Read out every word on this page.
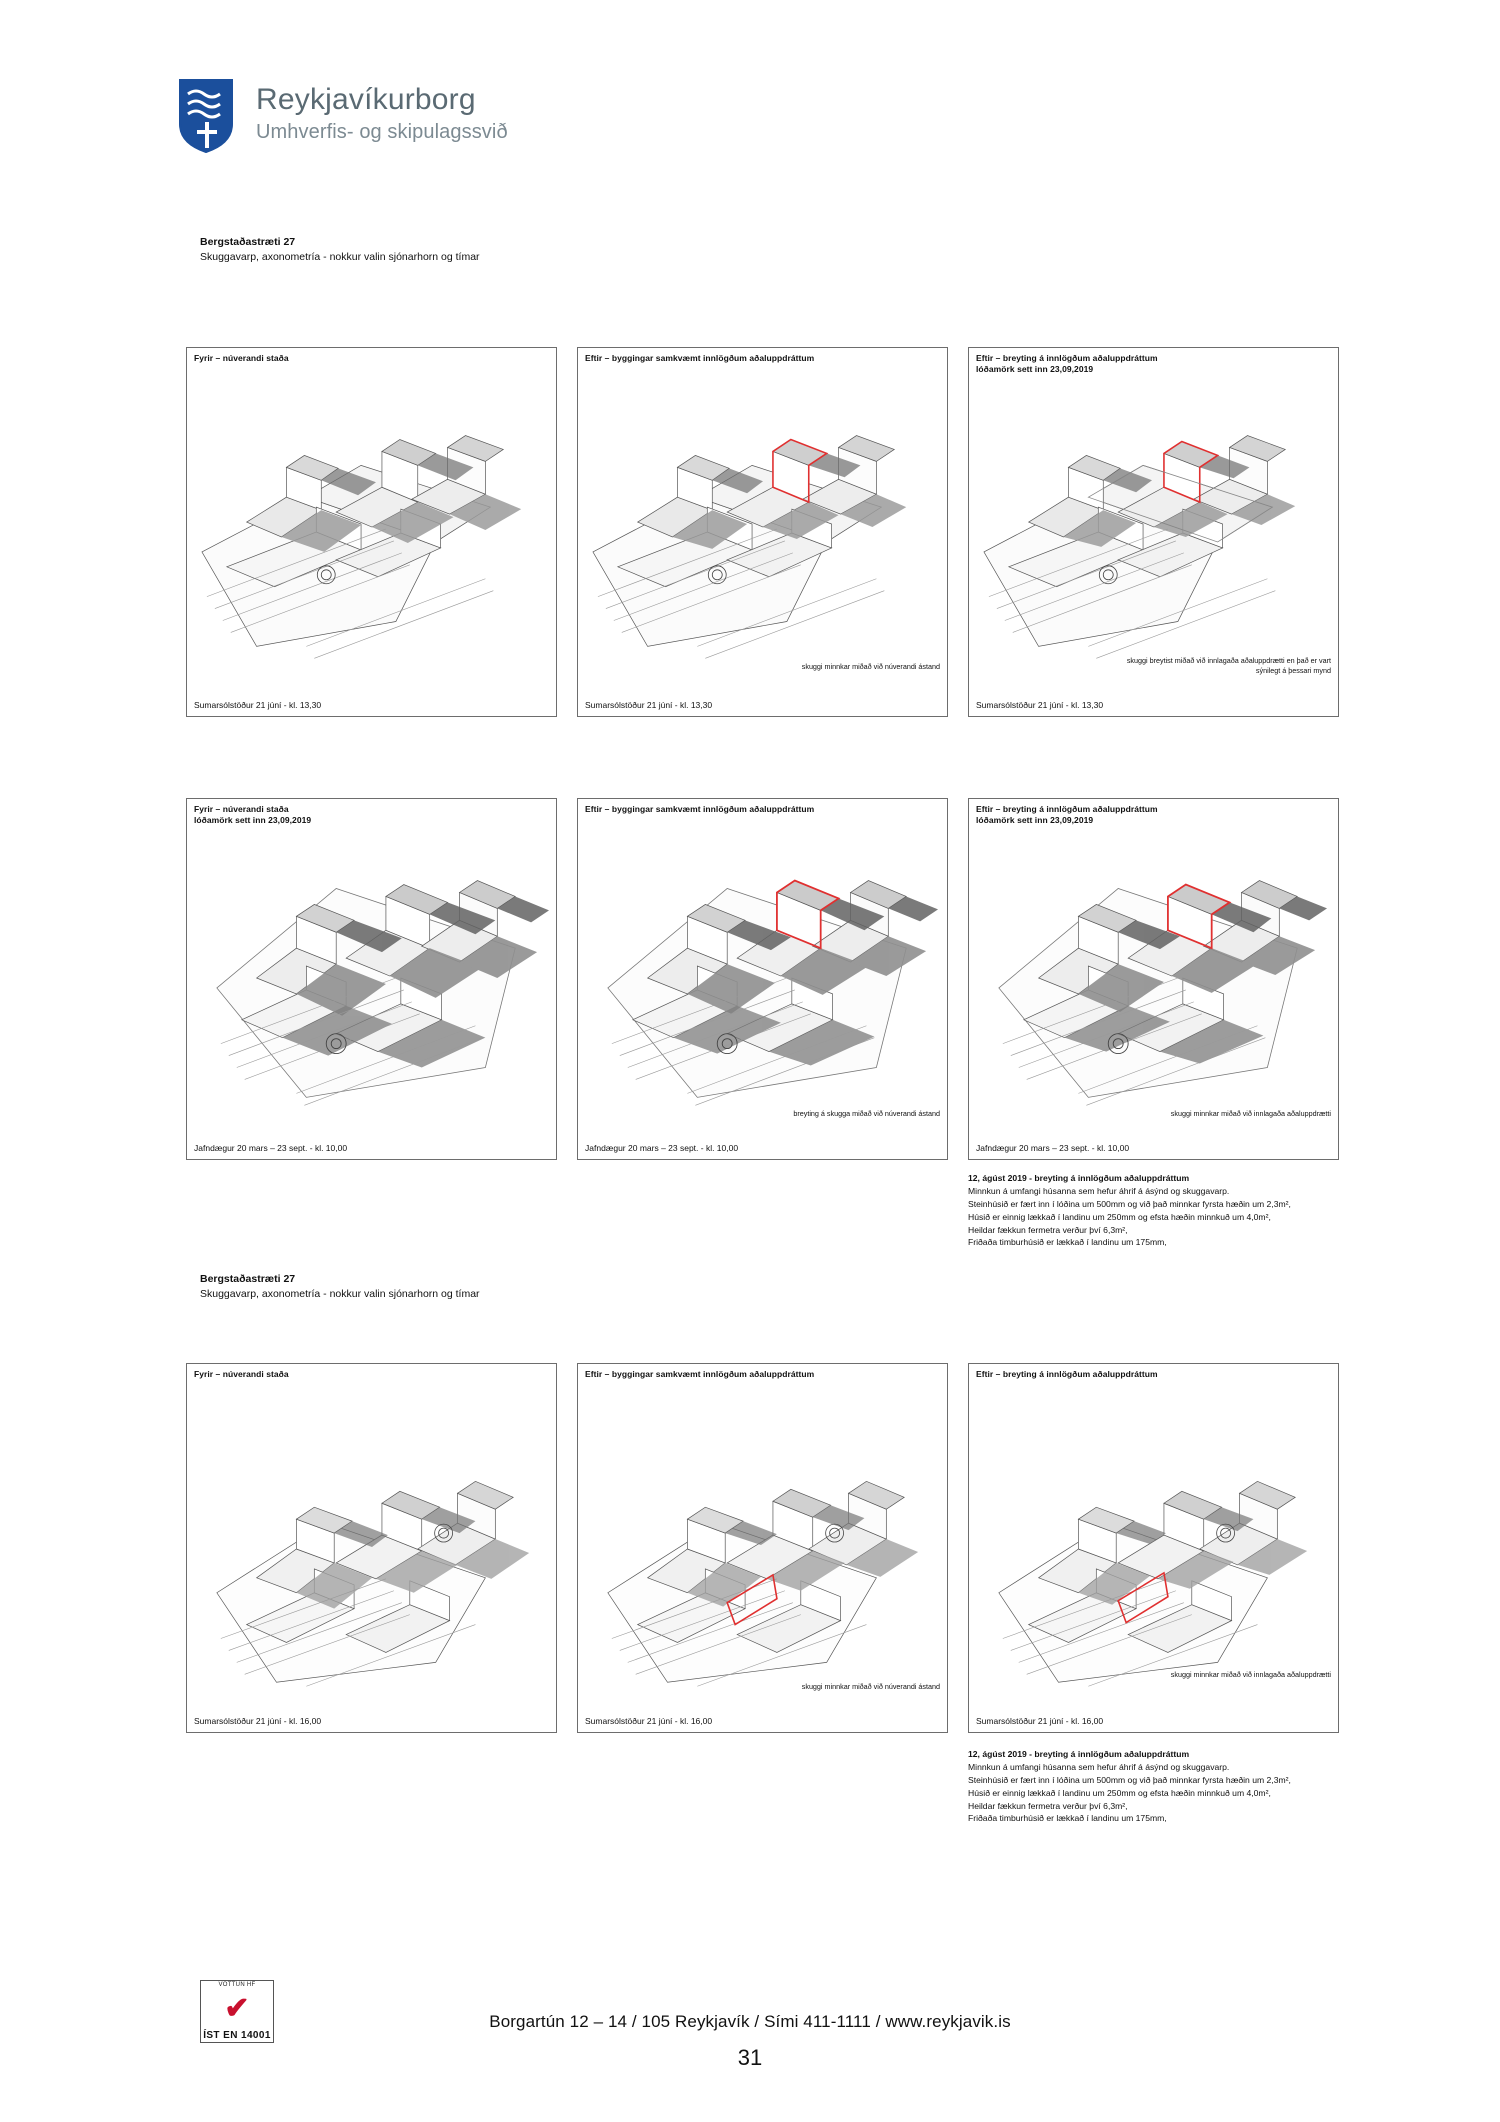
Reykjavíkurborg
Umhverfis- og skipulagssvið
Bergstaðastræti 27
Skuggavarp, axonometría - nokkur valin sjónarhorn og tímar
Fyrir – núverandi staða
Sumarsólstöður 21 júní - kl. 13,30
Eftir – byggingar samkvæmt innlögðum aðaluppdráttum
skuggi minnkar miðað við núverandi ástand
Sumarsólstöður 21 júní - kl. 13,30
Eftir – breyting á innlögðum aðaluppdráttum
lóðamörk sett inn 23,09,2019
skuggi breytist miðað við innlagaða aðaluppdrætti en það er vart sýnilegt á þessari mynd
Sumarsólstöður 21 júní - kl. 13,30
Fyrir – núverandi staða
lóðamörk sett inn 23,09,2019
Jafndægur 20 mars – 23 sept. - kl. 10,00
Eftir – byggingar samkvæmt innlögðum aðaluppdráttum
breyting á skugga miðað við núverandi ástand
Jafndægur 20 mars – 23 sept. - kl. 10,00
Eftir – breyting á innlögðum aðaluppdráttum
lóðamörk sett inn 23,09,2019
skuggi minnkar miðað við innlagaða aðaluppdrætti
Jafndægur 20 mars – 23 sept. - kl. 10,00
12, ágúst 2019 - breyting á innlögðum aðaluppdráttum
Minnkun á umfangi húsanna sem hefur áhrif á ásýnd og skuggavarp.
Steinhúsið er fært inn í lóðina um 500mm og við það minnkar fyrsta hæðin um 2,3m²,
Húsið er einnig lækkað í landinu um 250mm og efsta hæðin minnkuð um 4,0m²,
Heildar fækkun fermetra verður því 6,3m²,
Friðaða timburhúsið er lækkað í landinu um 175mm,
Bergstaðastræti 27
Skuggavarp, axonometría - nokkur valin sjónarhorn og tímar
Fyrir – núverandi staða
Sumarsólstöður 21 júní - kl. 16,00
Eftir – byggingar samkvæmt innlögðum aðaluppdráttum
skuggi minnkar miðað við núverandi ástand
Sumarsólstöður 21 júní - kl. 16,00
Eftir – breyting á innlögðum aðaluppdráttum
skuggi minnkar miðað við innlagaða aðaluppdrætti
Sumarsólstöður 21 júní - kl. 16,00
12, ágúst 2019 - breyting á innlögðum aðaluppdráttum
Minnkun á umfangi húsanna sem hefur áhrif á ásýnd og skuggavarp.
Steinhúsið er fært inn í lóðina um 500mm og við það minnkar fyrsta hæðin um 2,3m²,
Húsið er einnig lækkað í landinu um 250mm og efsta hæðin minnkuð um 4,0m²,
Heildar fækkun fermetra verður því 6,3m²,
Friðaða timburhúsið er lækkað í landinu um 175mm,
VOTTUN HF
✔
ÍST EN 14001
Borgartún 12 – 14 / 105 Reykjavík / Sími 411-1111 / www.reykjavik.is
31
